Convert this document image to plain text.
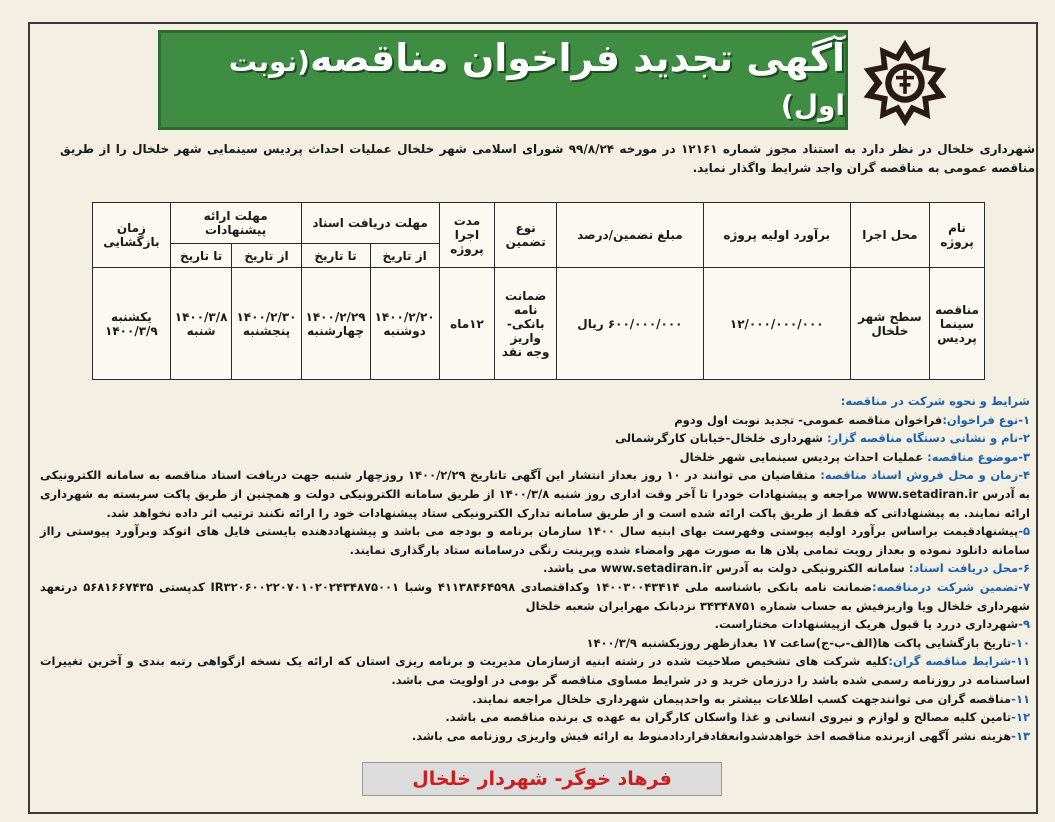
آگهی تجدید فراخوان مناقصه(نوبت اول)
شهرداری خلخال در نظر دارد به استناد مجوز شماره ۱۲۱۶۱ در مورخه ۹۹/۸/۲۴ شورای اسلامی شهر خلخال عملیات احداث پردیس سینمایی شهر خلخال را از طریق مناقصه عمومی به مناقصه گران واجد شرایط واگذار نماید.
نام پروژه	محل اجرا	برآورد اولیه پروژه	مبلغ تضمین/درصد	نوع تضمین	مدت اجرا پروژه	مهلت دریافت اسناد		مهلت ارائه پیشنهادات		زمان بازگشایی
						از تاریخ	تا تاریخ	از تاریخ	تا تاریخ	
مناقصه سینما پردیس	سطح شهر خلخال	۱۲/۰۰۰/۰۰۰/۰۰۰	۶۰۰/۰۰۰/۰۰۰ ریال	ضمانت نامه بانکی- واریز وجه نقد	۱۲ماه	۱۴۰۰/۲/۲۰ دوشنبه	۱۴۰۰/۲/۲۹ چهارشنبه	۱۴۰۰/۲/۳۰ پنجشنبه	۱۴۰۰/۳/۸ شنبه	یکشنبه ۱۴۰۰/۳/۹
شرایط و نحوه شرکت در مناقصه:

۱-نوع فراخوان:فراخوان مناقصه عمومی- تجدید نوبت اول ودوم

۲-نام و نشانی دستگاه مناقصه گزار: شهرداری خلخال-خیابان کارگرشمالی

۳-موضوع مناقصه: عملیات احداث پردیس سینمایی شهر خلخال

۴-زمان و محل فروش اسناد مناقصه: متقاضیان می توانند در ۱۰ روز بعداز انتشار این آگهی تاتاریخ ۱۴۰۰/۲/۲۹ روزچهار شنبه جهت دریافت اسناد مناقصه به سامانه الکترونیکی به آدرس www.setadiran.ir مراجعه و پیشنهادات خودرا تا آخر وقت اداری روز شنبه ۱۴۰۰/۳/۸ از طریق سامانه الکترونیکی دولت و همچنین از طریق پاکت سربسته به شهرداری ارائه نمایند. به پیشنهاداتی که فقط از طریق پاکت ارائه شده است و از طریق سامانه تدارک الکترونیکی ستاد پیشنهادات خود را ارائه نکنند ترتیب اثر داده نخواهد شد.

۵-پیشنهادقیمت براساس برآورد اولیه پیوستی وفهرست بهای ابنیه سال ۱۴۰۰ سازمان برنامه و بودجه می باشد و پیشنهاددهنده بایستی فایل های اتوکد وبرآورد پیوستی رااز سامانه دانلود نموده و بعداز رویت تمامی پلان ها به صورت مهر وامضاء شده وپرینت رنگی درسامانه ستاد بارگذاری نمایند.

۶-محل دریافت اسناد: سامانه الکترونیکی دولت به آدرس www.setadiran.ir می باشد.

۷-تضمین شرکت درمناقصه:ضمانت نامه بانکی باشناسه ملی ۱۴۰۰۳۰۰۴۳۴۱۴ وکداقتصادی ۴۱۱۳۸۴۶۴۵۹۸ وشبا IR۳۲۰۶۰۰۲۲۰۷۰۱۰۲۰۲۴۳۴۸۷۵۰۰۱ کدپستی ۵۶۸۱۶۶۷۴۳۵ درتعهد شهرداری خلخال ویا واریزفیش به حساب شماره ۳۴۳۴۸۷۵۱ نزدبانک مهرایران شعبه خلخال

۹-شهرداری دررد یا قبول هریک ازپیشنهادات مختاراست.

۱۰-تاریخ بازگشایی پاکت ها(الف-ب-ج)ساعت ۱۷ بعدازظهر روزیکشنبه ۱۴۰۰/۳/۹

۱۱-شرایط مناقصه گران:کلیه شرکت های تشخیص صلاحیت شده در رشته ابنیه ازسازمان مدیریت و برنامه ریزی استان که ارائه یک نسخه ازگواهی رتبه بندی و آخرین تغییرات اساسنامه در روزنامه رسمی شده باشد را درزمان خرید و در شرایط مساوی مناقصه گر بومی در اولویت می باشد.

۱۱-مناقصه گران می توانندجهت کسب اطلاعات بیشتر به واحدپیمان شهرداری خلخال مراجعه نمایند.

۱۲-تامین کلیه مصالح و لوازم و نیروی انسانی و غذا واسکان کارگران به عهده ی برنده مناقصه می باشد.

۱۳-هزینه نشر آگهی ازبرنده مناقصه اخذ خواهدشدوانعقادقراردادمنوط به ارائه فیش واریزی روزنامه می باشد.

فرهاد خوگر- شهردار خلخال
